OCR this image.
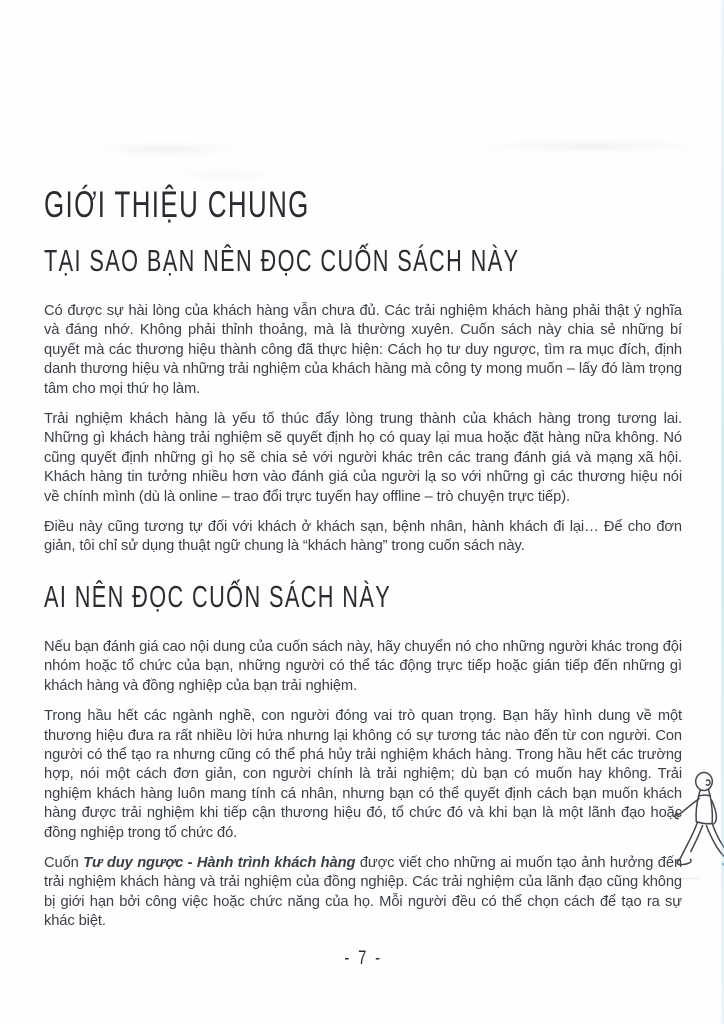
GIỚI THIỆU CHUNG
TẠI SAO BẠN NÊN ĐỌC CUỐN SÁCH NÀY

Có được sự hài lòng của khách hàng vẫn chưa đủ. Các trải nghiệm khách hàng phải thật ý nghĩa và đáng nhớ. Không phải thỉnh thoảng, mà là thường xuyên. Cuốn sách này chia sẻ những bí quyết mà các thương hiệu thành công đã thực hiện: Cách họ tư duy ngược, tìm ra mục đích, định danh thương hiệu và những trải nghiệm của khách hàng mà công ty mong muốn – lấy đó làm trọng tâm cho mọi thứ họ làm.

Trải nghiệm khách hàng là yếu tố thúc đẩy lòng trung thành của khách hàng trong tương lai. Những gì khách hàng trải nghiệm sẽ quyết định họ có quay lại mua hoặc đặt hàng nữa không. Nó cũng quyết định những gì họ sẽ chia sẻ với người khác trên các trang đánh giá và mạng xã hội. Khách hàng tin tưởng nhiều hơn vào đánh giá của người lạ so với những gì các thương hiệu nói về chính mình (dù là online – trao đổi trực tuyến hay offline – trò chuyện trực tiếp).

Điều này cũng tương tự đối với khách ở khách sạn, bệnh nhân, hành khách đi lại… Để cho đơn giản, tôi chỉ sử dụng thuật ngữ chung là “khách hàng” trong cuốn sách này.

AI NÊN ĐỌC CUỐN SÁCH NÀY

Nếu bạn đánh giá cao nội dung của cuốn sách này, hãy chuyển nó cho những người khác trong đội nhóm hoặc tổ chức của bạn, những người có thể tác động trực tiếp hoặc gián tiếp đến những gì khách hàng và đồng nghiệp của bạn trải nghiệm.

Trong hầu hết các ngành nghề, con người đóng vai trò quan trọng. Bạn hãy hình dung về một thương hiệu đưa ra rất nhiều lời hứa nhưng lại không có sự tương tác nào đến từ con người. Con người có thể tạo ra nhưng cũng có thể phá hủy trải nghiệm khách hàng. Trong hầu hết các trường hợp, nói một cách đơn giản, con người chính là trải nghiệm; dù bạn có muốn hay không. Trải nghiệm khách hàng luôn mang tính cá nhân, nhưng bạn có thể quyết định cách bạn muốn khách hàng được trải nghiệm khi tiếp cận thương hiệu đó, tổ chức đó và khi bạn là một lãnh đạo hoặc đồng nghiệp trong tổ chức đó.

Cuốn Tư duy ngược - Hành trình khách hàng được viết cho những ai muốn tạo ảnh hưởng đến trải nghiệm khách hàng và trải nghiệm của đồng nghiệp. Các trải nghiệm của lãnh đạo cũng không bị giới hạn bởi công việc hoặc chức năng của họ. Mỗi người đều có thể chọn cách để tạo ra sự khác biệt.

- 7 -
